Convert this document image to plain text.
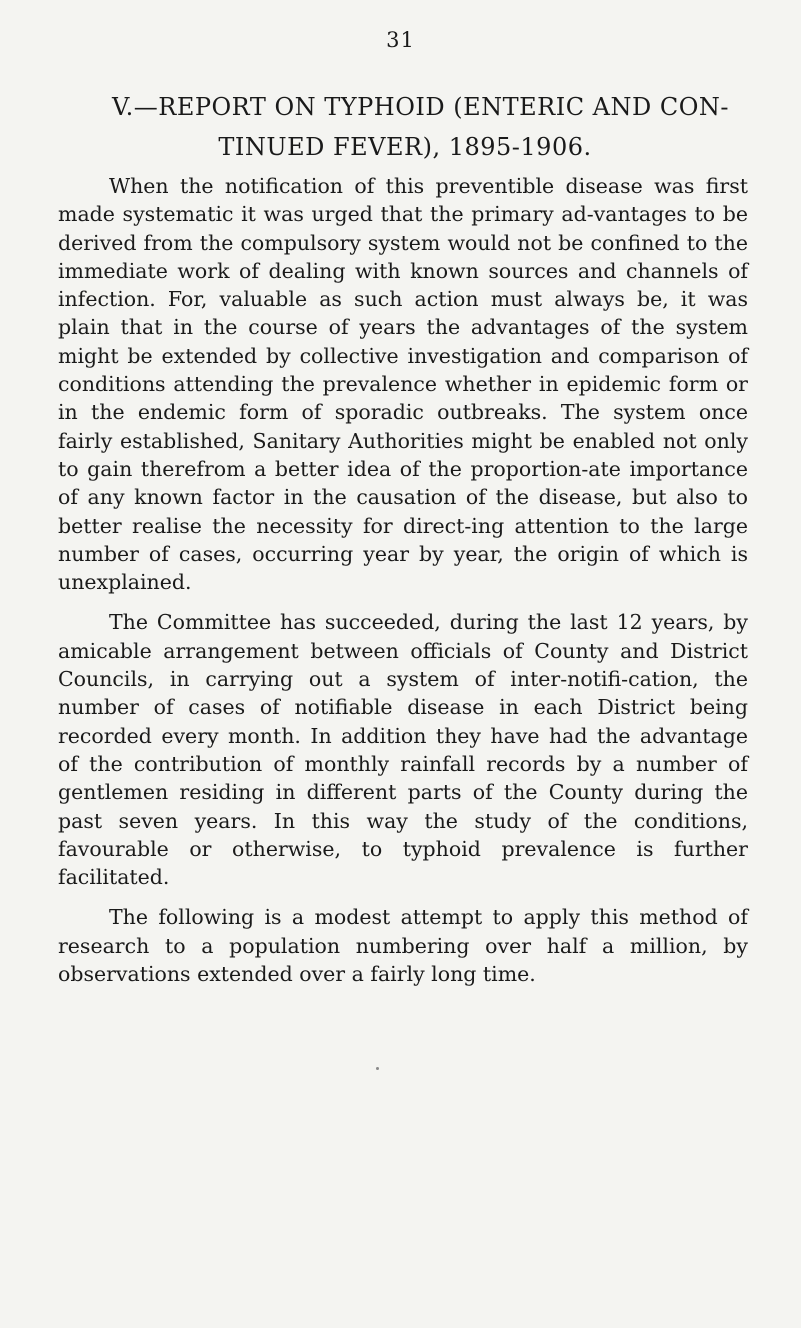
31
V.—REPORT ON TYPHOID (ENTERIC AND CON-
TINUED FEVER), 1895-1906.

When the notification of this preventible disease was first made systematic it was urged that the primary ad-vantages to be derived from the compulsory system would not be confined to the immediate work of dealing with known sources and channels of infection. For, valuable as such action must always be, it was plain that in the course of years the advantages of the system might be extended by collective investigation and comparison of conditions attending the prevalence whether in epidemic form or in the endemic form of sporadic outbreaks. The system once fairly established, Sanitary Authorities might be enabled not only to gain therefrom a better idea of the proportion-ate importance of any known factor in the causation of the disease, but also to better realise the necessity for direct-ing attention to the large number of cases, occurring year by year, the origin of which is unexplained.

The Committee has succeeded, during the last 12 years, by amicable arrangement between officials of County and District Councils, in carrying out a system of inter-notifi-cation, the number of cases of notifiable disease in each District being recorded every month. In addition they have had the advantage of the contribution of monthly rainfall records by a number of gentlemen residing in different parts of the County during the past seven years. In this way the study of the conditions, favourable or otherwise, to typhoid prevalence is further facilitated.

The following is a modest attempt to apply this method of research to a population numbering over half a million, by observations extended over a fairly long time.
